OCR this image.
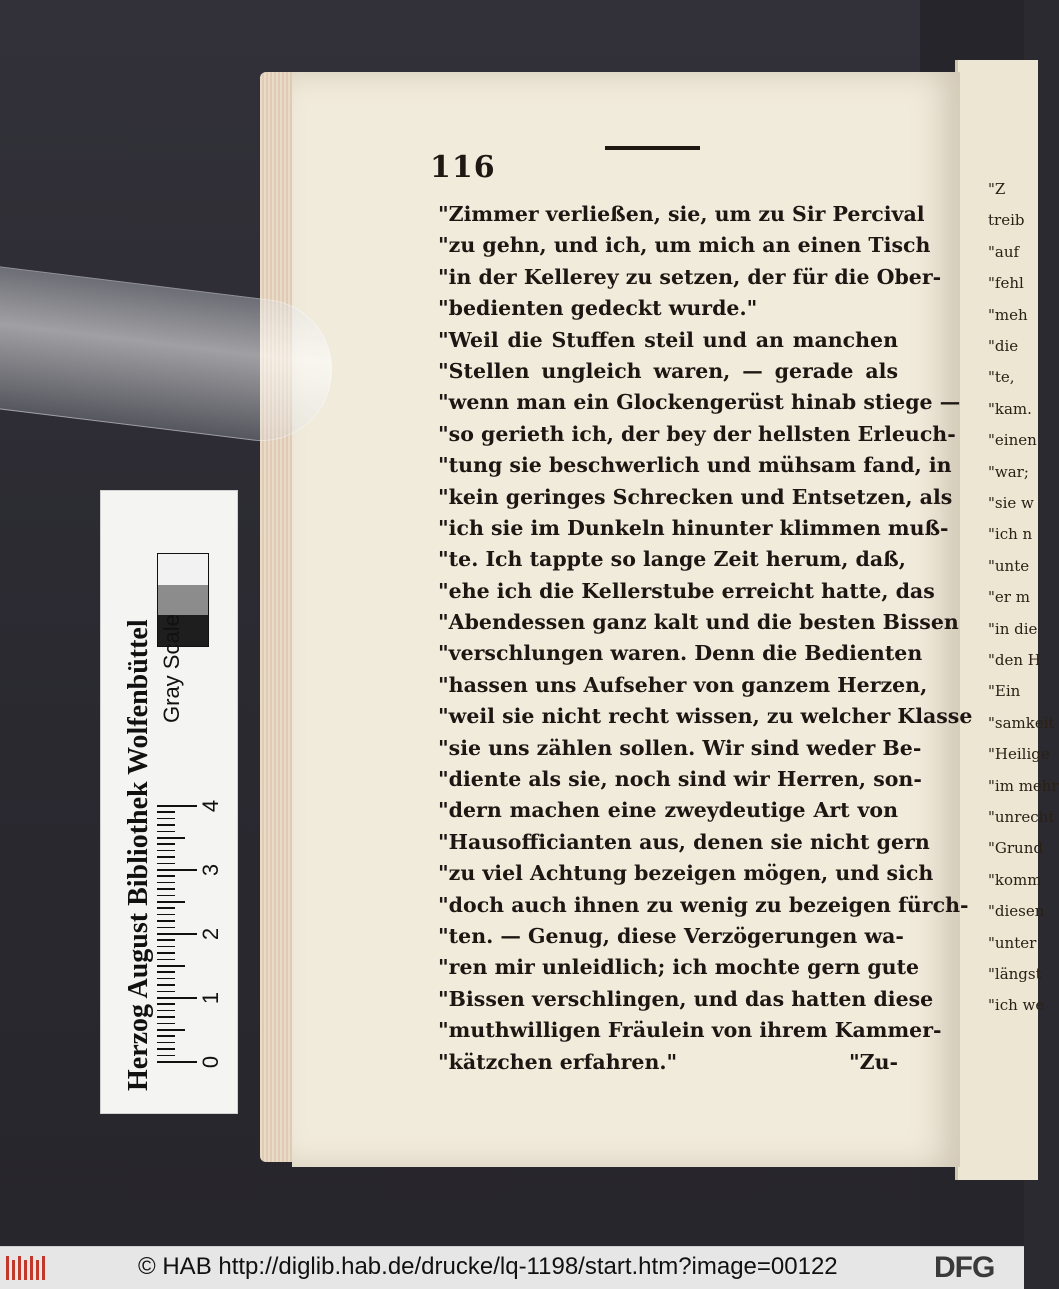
"Z
treib
"auf
"fehl
"meh
"die
"te,
"kam.
"einen
"war;
"sie w
"ich n
"unte
"er m
"in die
"den H
"Ein
"samkeit
"Heilige
"im mehr
"unrecht
"Grund
"komm
"diesen
"unter
"längst
"ich we
116
"Zimmer verließen, sie, um zu Sir Percival
"zu gehn, und ich, um mich an einen Tisch
"in der Kellerey zu setzen, der für die Ober-
"bedienten gedeckt wurde."
"Weil die Stuffen steil und an manchen
"Stellen ungleich waren, — gerade als
"wenn man ein Glockengerüst hinab stiege —
"so gerieth ich, der bey der hellsten Erleuch-
"tung sie beschwerlich und mühsam fand, in
"kein geringes Schrecken und Entsetzen, als
"ich sie im Dunkeln hinunter klimmen muß-
"te. Ich tappte so lange Zeit herum, daß,
"ehe ich die Kellerstube erreicht hatte, das
"Abendessen ganz kalt und die besten Bissen
"verschlungen waren. Denn die Bedienten
"hassen uns Aufseher von ganzem Herzen,
"weil sie nicht recht wissen, zu welcher Klasse
"sie uns zählen sollen. Wir sind weder Be-
"diente als sie, noch sind wir Herren, son-
"dern machen eine zweydeutige Art von
"Hausofficianten aus, denen sie nicht gern
"zu viel Achtung bezeigen mögen, und sich
"doch auch ihnen zu wenig zu bezeigen fürch-
"ten. — Genug, diese Verzögerungen wa-
"ren mir unleidlich; ich mochte gern gute
"Bissen verschlingen, und das hatten diese
"muthwilligen Fräulein von ihrem Kammer-
"kätzchen erfahren."	"Zu-
Herzog August Bibliothek Wolfenbüttel Gray Scale
0
1
2
3
4
© HAB http://diglib.hab.de/drucke/lq-1198/start.htm?image=00122	DFG
